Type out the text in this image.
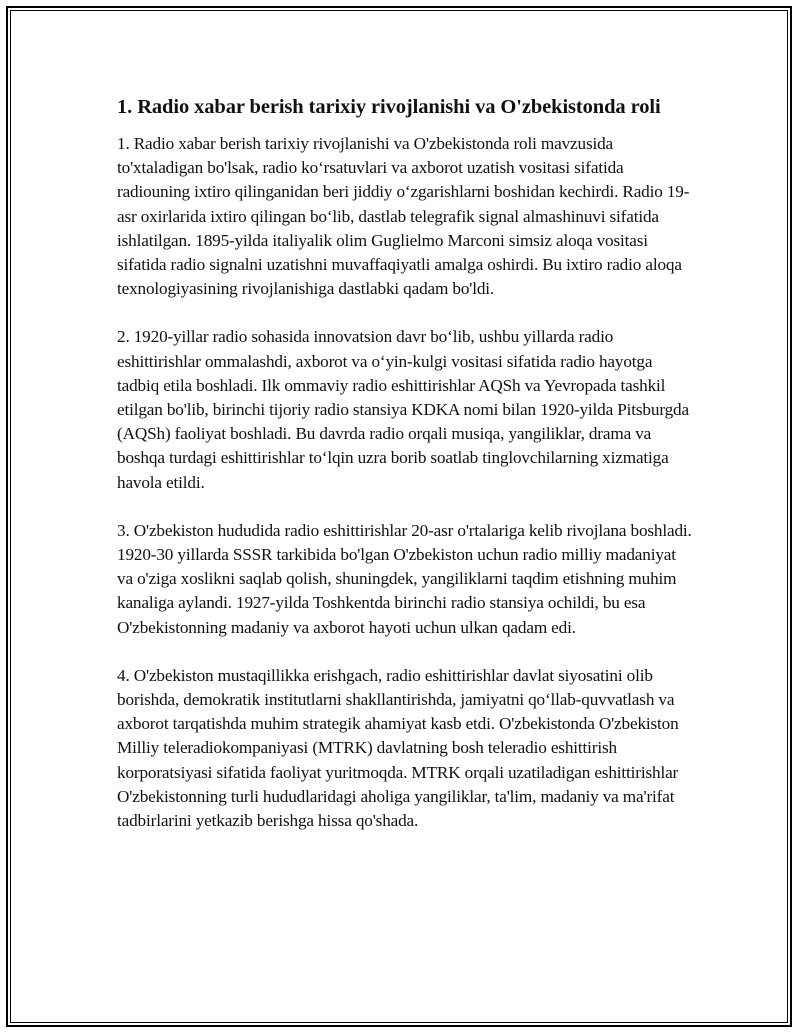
1. Radio xabar berish tarixiy rivojlanishi va O'zbekistonda roli

1. Radio xabar berish tarixiy rivojlanishi va O'zbekistonda roli mavzusida to'xtaladigan bo'lsak, radio ko‘rsatuvlari va axborot uzatish vositasi sifatida radiouning ixtiro qilinganidan beri jiddiy o‘zgarishlarni boshidan kechirdi. Radio 19-asr oxirlarida ixtiro qilingan bo‘lib, dastlab telegrafik signal almashinuvi sifatida ishlatilgan. 1895-yilda italiyalik olim Guglielmo Marconi simsiz aloqa vositasi sifatida radio signalni uzatishni muvaffaqiyatli amalga oshirdi. Bu ixtiro radio aloqa texnologiyasining rivojlanishiga dastlabki qadam bo'ldi.

2. 1920-yillar radio sohasida innovatsion davr bo‘lib, ushbu yillarda radio eshittirishlar ommalashdi, axborot va o‘yin-kulgi vositasi sifatida radio hayotga tadbiq etila boshladi. Ilk ommaviy radio eshittirishlar AQSh va Yevropada tashkil etilgan bo'lib, birinchi tijoriy radio stansiya KDKA nomi bilan 1920-yilda Pitsburgda (AQSh) faoliyat boshladi. Bu davrda radio orqali musiqa, yangiliklar, drama va boshqa turdagi eshittirishlar to‘lqin uzra borib soatlab tinglovchilarning xizmatiga havola etildi.

3. O'zbekiston hududida radio eshittirishlar 20-asr o'rtalariga kelib rivojlana boshladi. 1920-30 yillarda SSSR tarkibida bo'lgan O'zbekiston uchun radio milliy madaniyat va o'ziga xoslikni saqlab qolish, shuningdek, yangiliklarni taqdim etishning muhim kanaliga aylandi. 1927-yilda Toshkentda birinchi radio stansiya ochildi, bu esa O'zbekistonning madaniy va axborot hayoti uchun ulkan qadam edi.

4. O'zbekiston mustaqillikka erishgach, radio eshittirishlar davlat siyosatini olib borishda, demokratik institutlarni shakllantirishda, jamiyatni qo‘llab-quvvatlash va axborot tarqatishda muhim strategik ahamiyat kasb etdi. O'zbekistonda O'zbekiston Milliy teleradiokompaniyasi (MTRK) davlatning bosh teleradio eshittirish korporatsiyasi sifatida faoliyat yuritmoqda. MTRK orqali uzatiladigan eshittirishlar O'zbekistonning turli hududlaridagi aholiga yangiliklar, ta'lim, madaniy va ma'rifat tadbirlarini yetkazib berishga hissa qo'shada.
